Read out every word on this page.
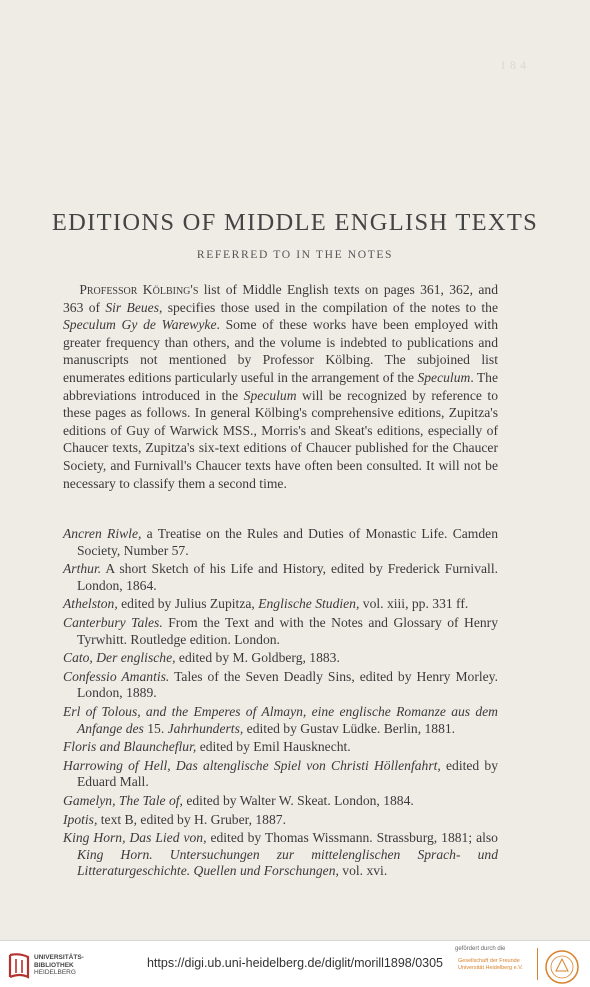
184
EDITIONS OF MIDDLE ENGLISH TEXTS
REFERRED TO IN THE NOTES
Professor Kölbing's list of Middle English texts on pages 361, 362, and 363 of Sir Beues, specifies those used in the compilation of the notes to the Speculum Gy de Warewyke. Some of these works have been employed with greater frequency than others, and the volume is indebted to publications and manuscripts not mentioned by Professor Kölbing. The subjoined list enumerates editions particularly useful in the arrangement of the Speculum. The abbreviations introduced in the Speculum will be recognized by reference to these pages as follows. In general Kölbing's comprehensive editions, Zupitza's editions of Guy of Warwick MSS., Morris's and Skeat's editions, especially of Chaucer texts, Zupitza's six-text editions of Chaucer published for the Chaucer Society, and Furnivall's Chaucer texts have often been consulted. It will not be necessary to classify them a second time.
Ancren Riwle, a Treatise on the Rules and Duties of Monastic Life. Camden Society, Number 57.
Arthur. A short Sketch of his Life and History, edited by Frederick Furnivall. London, 1864.
Athelston, edited by Julius Zupitza, Englische Studien, vol. xiii, pp. 331 ff.
Canterbury Tales. From the Text and with the Notes and Glossary of Henry Tyrwhitt. Routledge edition. London.
Cato, Der englische, edited by M. Goldberg, 1883.
Confessio Amantis. Tales of the Seven Deadly Sins, edited by Henry Morley. London, 1889.
Erl of Tolous, and the Emperes of Almayn, eine englische Romanze aus dem Anfange des 15. Jahrhunderts, edited by Gustav Lüdke. Berlin, 1881.
Floris and Blauncheflur, edited by Emil Hausknecht.
Harrowing of Hell, Das altenglische Spiel von Christi Höllenfahrt, edited by Eduard Mall.
Gamelyn, The Tale of, edited by Walter W. Skeat. London, 1884.
Ipotis, text B, edited by H. Gruber, 1887.
King Horn, Das Lied von, edited by Thomas Wissmann. Strassburg, 1881; also King Horn. Untersuchungen zur mittelenglischen Sprach- und Litteraturgeschichte. Quellen und Forschungen, vol. xvi.
UNIVERSITÄTS-
BIBLIOTHEK
HEIDELBERG
https://digi.ub.uni-heidelberg.de/diglit/morill1898/0305
gefördert durch die
Gesellschaft der Freunde
Universität Heidelberg e.V.
